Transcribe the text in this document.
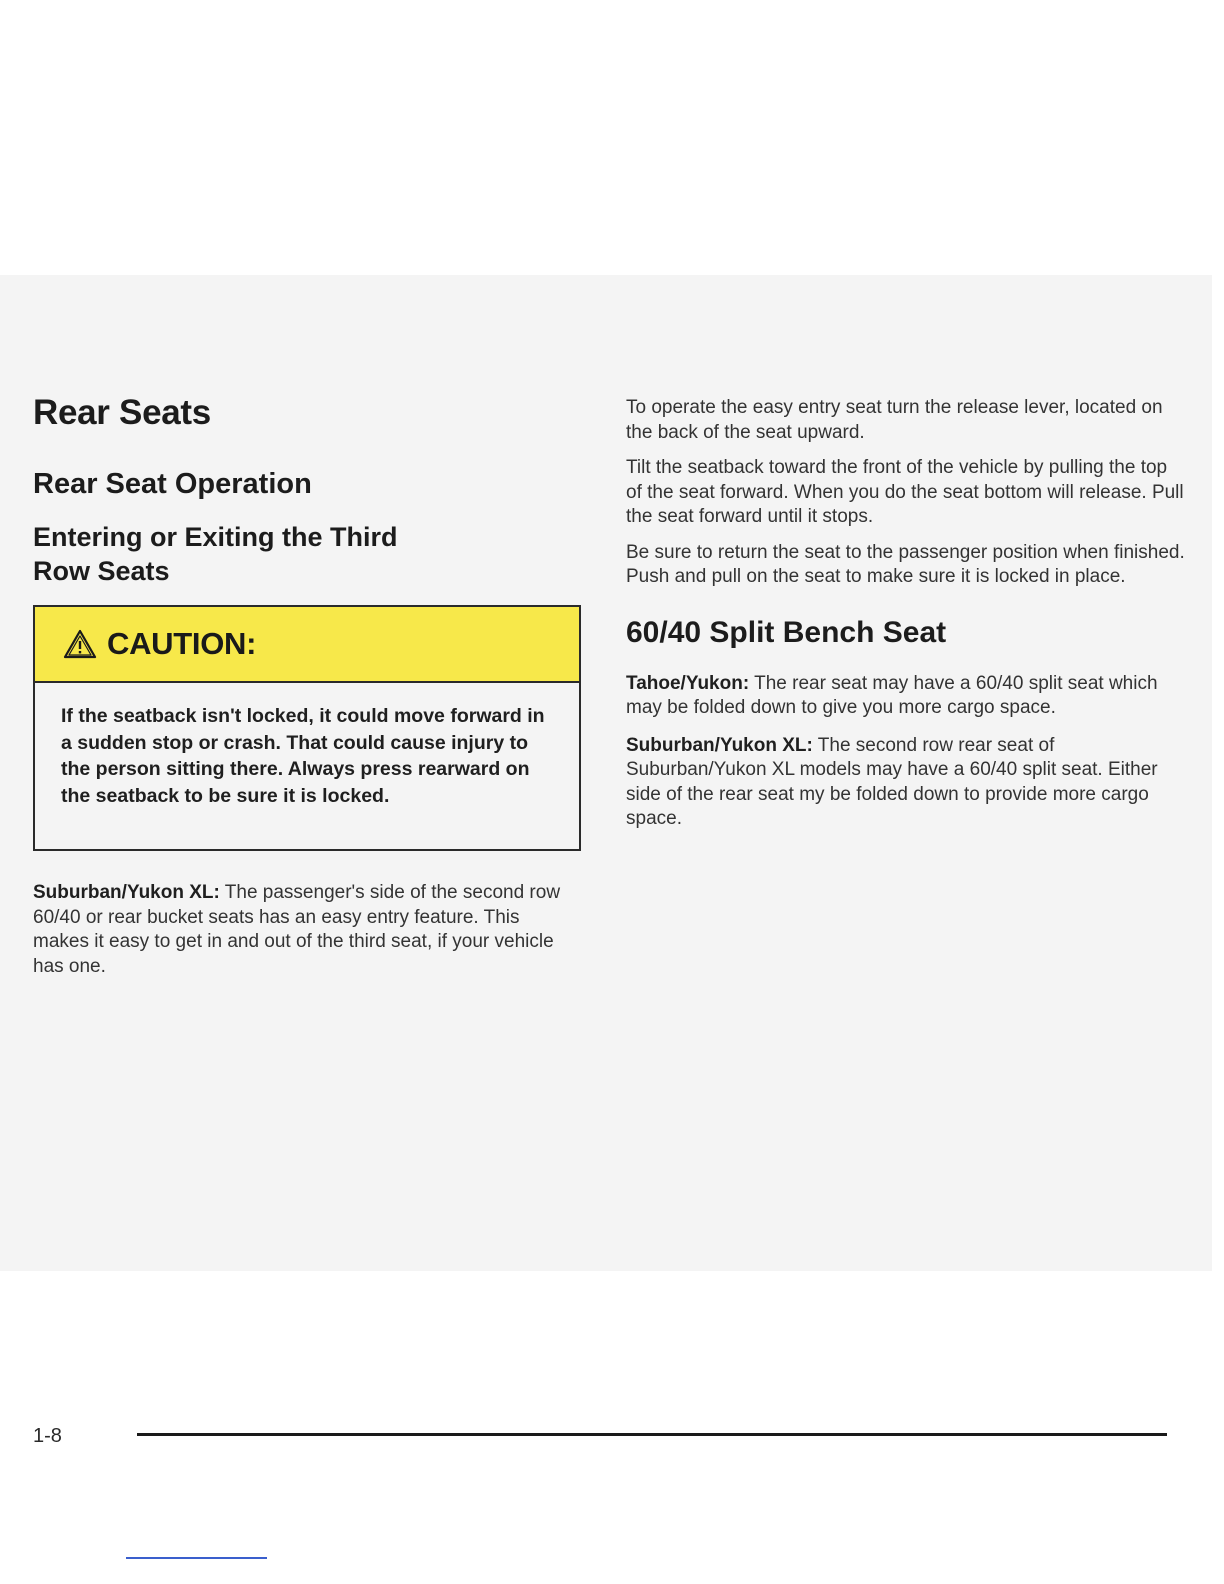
Rear Seats
Rear Seat Operation
Entering or Exiting the Third
Row Seats
CAUTION:
If the seatback isn't locked, it could move forward in a sudden stop or crash. That could cause injury to the person sitting there. Always press rearward on the seatback to be sure it is locked.

Suburban/Yukon XL: The passenger's side of the second row 60/40 or rear bucket seats has an easy entry feature. This makes it easy to get in and out of the third seat, if your vehicle has one.

To operate the easy entry seat turn the release lever, located on the back of the seat upward.

Tilt the seatback toward the front of the vehicle by pulling the top of the seat forward. When you do the seat bottom will release. Pull the seat forward until it stops.

Be sure to return the seat to the passenger position when finished. Push and pull on the seat to make sure it is locked in place.

60/40 Split Bench Seat

Tahoe/Yukon: The rear seat may have a 60/40 split seat which may be folded down to give you more cargo space.

Suburban/Yukon XL: The second row rear seat of Suburban/Yukon XL models may have a 60/40 split seat. Either side of the rear seat my be folded down to provide more cargo space.

1-8
